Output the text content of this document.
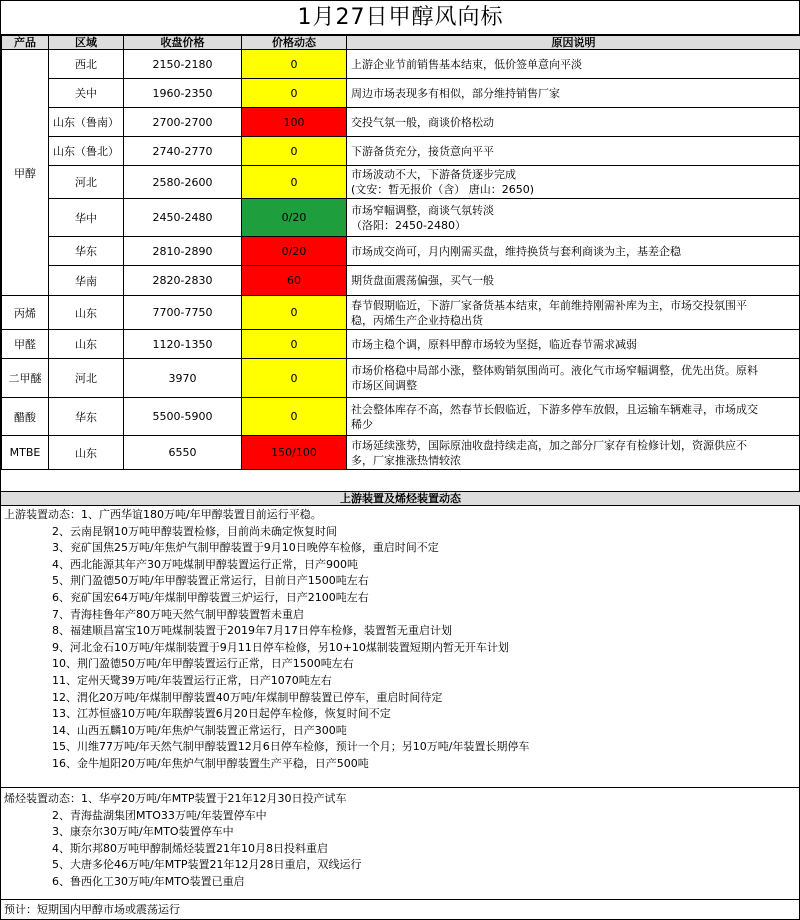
1月27日甲醇风向标
产品	区域	收盘价格	价格动态	原因说明
甲醇	西北	2150-2180	0	上游企业节前销售基本结束，低价签单意向平淡

	关中	1960-2350	0	周边市场表现多有相似，部分维持销售厂家

	山东（鲁南）	2700-2700	100	交投气氛一般，商谈价格松动

	山东（鲁北）	2740-2770	0	下游备货充分，接货意向平平

	河北	2580-2600	0	市场波动不大，下游备货逐步完成
(文安：暂无报价（含） 唐山：2650)

	华中	2450-2480	0/20	市场窄幅调整，商谈气氛转淡
（洛阳：2450-2480）

	华东	2810-2890	0/20	市场成交尚可，月内刚需买盘，维持换货与套利商谈为主，基差企稳

	华南	2820-2830	60	期货盘面震荡偏强，买气一般

丙烯	山东	7700-7750	0	春节假期临近，下游厂家备货基本结束，年前维持刚需补库为主，市场交投氛围平
稳，丙烯生产企业持稳出货

甲醛	山东	1120-1350	0	市场主稳个调，原料甲醇市场较为坚挺，临近春节需求减弱

二甲醚	河北	3970	0	市场价格稳中局部小涨，整体购销氛围尚可。液化气市场窄幅调整，优先出货。原料
市场区间调整

醋酸	华东	5500-5900	0	社会整体库存不高，然春节长假临近，下游多停车放假，且运输车辆难寻，市场成交
稀少

MTBE	山东	6550	150/100	市场延续涨势，国际原油收盘持续走高，加之部分厂家存有检修计划，资源供应不
多，厂家推涨热情较浓
上游装置及烯烃装置动态
上游装置动态：1、广西华谊180万吨/年甲醇装置目前运行平稳。
2、云南昆钢10万吨甲醇装置检修，目前尚未确定恢复时间
3、兖矿国焦25万吨/年焦炉气制甲醇装置于9月10日晚停车检修，重启时间不定
4、西北能源其年产30万吨煤制甲醇装置运行正常，日产900吨
5、荆门盈德50万吨/年甲醇装置正常运行，目前日产1500吨左右
6、兖矿国宏64万吨/年煤制甲醇装置三炉运行，日产2100吨左右
7、青海桂鲁年产80万吨天然气制甲醇装置暂未重启
8、福建顺昌富宝10万吨煤制装置于2019年7月17日停车检修，装置暂无重启计划
9、河北金石10万吨/年煤制装置于9月11日停车检修，另10+10煤制装置短期内暂无开车计划
10、荆门盈德50万吨/年甲醇装置运行正常，日产1500吨左右
11、定州天鹭39万吨/年装置运行正常，日产1070吨左右
12、渭化20万吨/年煤制甲醇装置40万吨/年煤制甲醇装置已停车，重启时间待定
13、江苏恒盛10万吨/年联醇装置6月20日起停车检修，恢复时间不定
14、山西五麟10万吨/年焦炉气制装置正常运行，日产300吨
15、川维77万吨/年天然气制甲醇装置12月6日停车检修，预计一个月；另10万吨/年装置长期停车
16、金牛旭阳20万吨/年焦炉气制甲醇装置生产平稳，日产500吨
烯烃装置动态：1、华亭20万吨/年MTP装置于21年12月30日投产试车
2、青海盐湖集团MTO33万吨/年装置停车中
3、康奈尔30万吨/年MTO装置停车中
4、斯尔邦80万吨甲醇制烯烃装置21年10月8日投料重启
5、大唐多伦46万吨/年MTP装置21年12月28日重启，双线运行
6、鲁西化工30万吨/年MTO装置已重启
预计：短期国内甲醇市场或震荡运行
